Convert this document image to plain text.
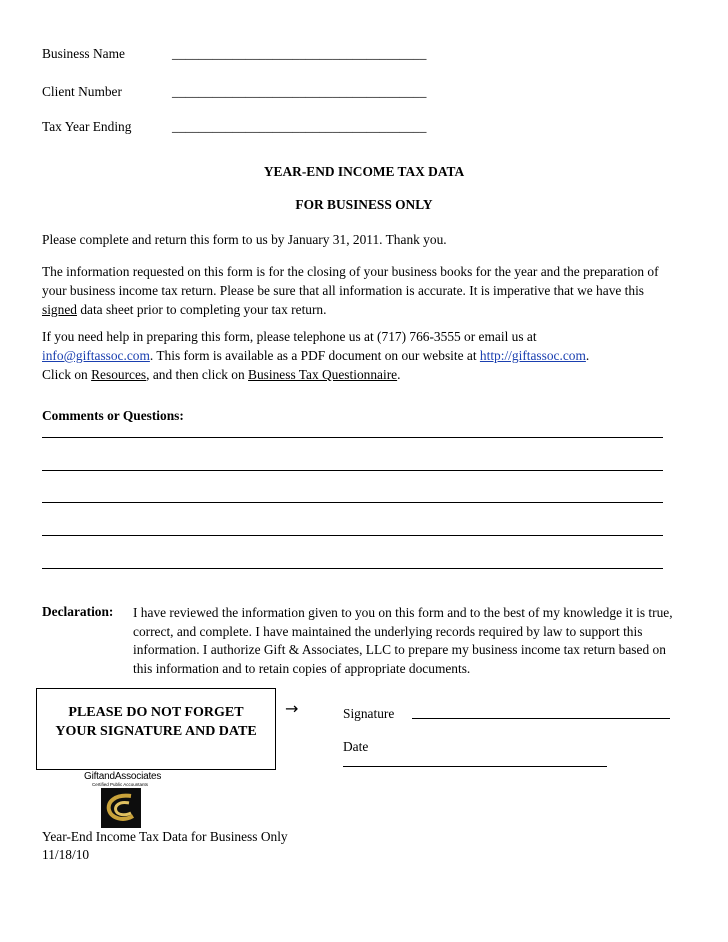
Business Name	______________________________________
Client Number	______________________________________
Tax Year Ending	______________________________________
YEAR-END INCOME TAX DATA
FOR BUSINESS ONLY
Please complete and return this form to us by January 31, 2011. Thank you.
The information requested on this form is for the closing of your business books for the year and the preparation of your business income tax return. Please be sure that all information is accurate. It is imperative that we have this signed data sheet prior to completing your tax return.

If you need help in preparing this form, please telephone us at (717) 766-3555 or email us at

info@giftassoc.com. This form is available as a PDF document on our website at http://giftassoc.com.

Click on Resources, and then click on Business Tax Questionnaire.

Comments or Questions:
Declaration: I have reviewed the information given to you on this form and to the best of my knowledge it is true, correct, and complete. I have maintained the underlying records required by law to support this information. I authorize Gift & Associates, LLC to prepare my business income tax return based on this information and to retain copies of appropriate documents.
PLEASE DO NOT FORGET
YOUR SIGNATURE AND DATE
→	Signature
Date
GiftandAssociates
Certified Public Accountants
Year-End Income Tax Data for Business Only
11/18/10
